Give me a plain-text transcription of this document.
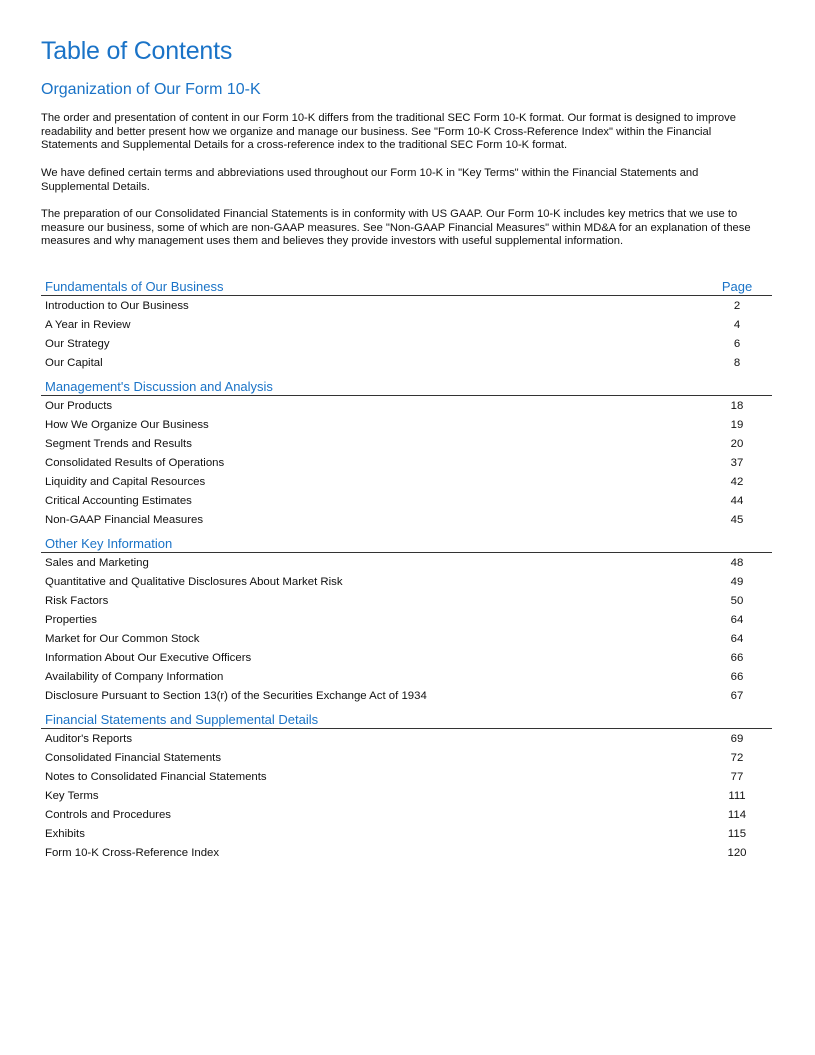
Table of Contents
Organization of Our Form 10-K

The order and presentation of content in our Form 10-K differs from the traditional SEC Form 10-K format. Our format is designed to improve readability and better present how we organize and manage our business. See "Form 10-K Cross-Reference Index" within the Financial Statements and Supplemental Details for a cross-reference index to the traditional SEC Form 10-K format.

We have defined certain terms and abbreviations used throughout our Form 10-K in "Key Terms" within the Financial Statements and Supplemental Details.

The preparation of our Consolidated Financial Statements is in conformity with US GAAP. Our Form 10-K includes key metrics that we use to measure our business, some of which are non-GAAP measures. See "Non-GAAP Financial Measures" within MD&A for an explanation of these measures and why management uses them and believes they provide investors with useful supplemental information.

Fundamentals of Our Business	Page
Introduction to Our Business	2
A Year in Review	4
Our Strategy	6
Our Capital	8
Management's Discussion and Analysis
Our Products	18
How We Organize Our Business	19
Segment Trends and Results	20
Consolidated Results of Operations	37
Liquidity and Capital Resources	42
Critical Accounting Estimates	44
Non-GAAP Financial Measures	45
Other Key Information
Sales and Marketing	48
Quantitative and Qualitative Disclosures About Market Risk	49
Risk Factors	50
Properties	64
Market for Our Common Stock	64
Information About Our Executive Officers	66
Availability of Company Information	66
Disclosure Pursuant to Section 13(r) of the Securities Exchange Act of 1934	67
Financial Statements and Supplemental Details
Auditor's Reports	69
Consolidated Financial Statements	72
Notes to Consolidated Financial Statements	77
Key Terms	111
Controls and Procedures	114
Exhibits	115
Form 10-K Cross-Reference Index	120
